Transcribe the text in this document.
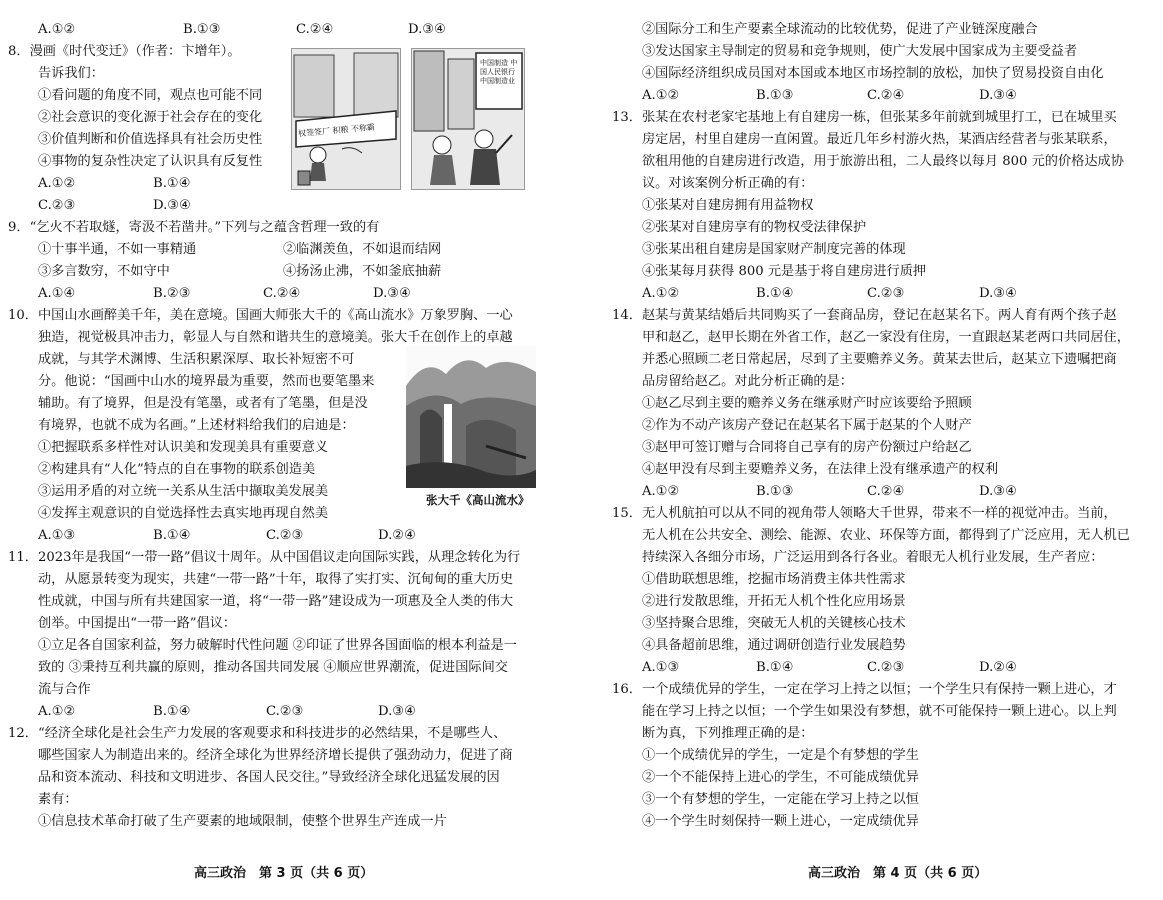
A.①②	B.①③	C.②④	D.③④
8．漫画《时代变迁》（作者：卞增年）。
告诉我们：
①看问题的角度不同，观点也可能不同
②社会意识的变化源于社会存在的变化
③价值判断和价值选择具有社会历史性
④事物的复杂性决定了认识具有反复性
A.①②	B.①④
C.②③	D.③④
权签签厂 积粮 不称霸
中国制造 中国人民银行 中国制造业
9．“乞火不若取燧，寄汲不若凿井。”下列与之蕴含哲理一致的有
①十事半通，不如一事精通	②临渊羡鱼，不如退而结网
③多言数穷，不如守中	④扬汤止沸，不如釜底抽薪
A.①④	B.②③	C.②④	D.③④
10．中国山水画醉美千年，美在意境。国画大师张大千的《高山流水》万象罗胸、一心
独造，视觉极具冲击力，彰显人与自然和谐共生的意境美。张大千在创作上的卓越
成就，与其学术渊博、生活积累深厚、取长补短密不可
分。他说：“国画中山水的境界最为重要，然而也要笔墨来
辅助。有了境界，但是没有笔墨，或者有了笔墨，但是没
有境界，也就不成为名画。”上述材料给我们的启迪是：
①把握联系多样性对认识美和发现美具有重要意义
②构建具有“人化”特点的自在事物的联系创造美
③运用矛盾的对立统一关系从生活中撷取美发展美
④发挥主观意识的自觉选择性去真实地再现自然美
A.①③	B.①④	C.②③	D.②④
张大千《高山流水》
11．2023年是我国“一带一路”倡议十周年。从中国倡议走向国际实践，从理念转化为行
动，从愿景转变为现实，共建“一带一路”十年，取得了实打实、沉甸甸的重大历史
性成就，中国与所有共建国家一道，将“一带一路”建设成为一项惠及全人类的伟大
创举。中国提出“一带一路”倡议：
①立足各自国家利益，努力破解时代性问题 ②印证了世界各国面临的根本利益是一
致的 ③秉持互利共赢的原则，推动各国共同发展 ④顺应世界潮流，促进国际间交
流与合作
A.①②	B.①④	C.②③	D.③④
12．“经济全球化是社会生产力发展的客观要求和科技进步的必然结果，不是哪些人、
哪些国家人为制造出来的。经济全球化为世界经济增长提供了强劲动力，促进了商
品和资本流动、科技和文明进步、各国人民交往。”导致经济全球化迅猛发展的因
素有：
①信息技术革命打破了生产要素的地域限制，使整个世界生产连成一片
高三政治　第 3 页（共 6 页）
②国际分工和生产要素全球流动的比较优势，促进了产业链深度融合
③发达国家主导制定的贸易和竞争规则，使广大发展中国家成为主要受益者
④国际经济组织成员国对本国或本地区市场控制的放松，加快了贸易投资自由化
A.①②	B.①③	C.②④	D.③④
13．张某在农村老家宅基地上有自建房一栋，但张某多年前就到城里打工，已在城里买
房定居，村里自建房一直闲置。最近几年乡村游火热，某酒店经营者与张某联系，
欲租用他的自建房进行改造，用于旅游出租，二人最终以每月 800 元的价格达成协
议。对该案例分析正确的有：
①张某对自建房拥有用益物权
②张某对自建房享有的物权受法律保护
③张某出租自建房是国家财产制度完善的体现
④张某每月获得 800 元是基于将自建房进行质押
A.①②	B.①④	C.②③	D.③④
14．赵某与黄某结婚后共同购买了一套商品房，登记在赵某名下。两人育有两个孩子赵
甲和赵乙，赵甲长期在外省工作，赵乙一家没有住房，一直跟赵某老两口共同居住，
并悉心照顾二老日常起居，尽到了主要赡养义务。黄某去世后，赵某立下遗嘱把商
品房留给赵乙。对此分析正确的是：
①赵乙尽到主要的赡养义务在继承财产时应该要给予照顾
②作为不动产该房产登记在赵某名下属于赵某的个人财产
③赵甲可签订赠与合同将自己享有的房产份额过户给赵乙
④赵甲没有尽到主要赡养义务，在法律上没有继承遗产的权利
A.①②	B.①③	C.②④	D.③④
15．无人机航拍可以从不同的视角带人领略大千世界，带来不一样的视觉冲击。当前，
无人机在公共安全、测绘、能源、农业、环保等方面，都得到了广泛应用，无人机已
持续深入各细分市场，广泛运用到各行各业。着眼无人机行业发展，生产者应：
①借助联想思维，挖掘市场消费主体共性需求
②进行发散思维，开拓无人机个性化应用场景
③坚持聚合思维，突破无人机的关键核心技术
④具备超前思维，通过调研创造行业发展趋势
A.①③	B.①④	C.②③	D.②④
16．一个成绩优异的学生，一定在学习上持之以恒；一个学生只有保持一颗上进心，才
能在学习上持之以恒；一个学生如果没有梦想，就不可能保持一颗上进心。以上判
断为真，下列推理正确的是：
①一个成绩优异的学生，一定是个有梦想的学生
②一个不能保持上进心的学生，不可能成绩优异
③一个有梦想的学生，一定能在学习上持之以恒
④一个学生时刻保持一颗上进心，一定成绩优异
高三政治　第 4 页（共 6 页）
